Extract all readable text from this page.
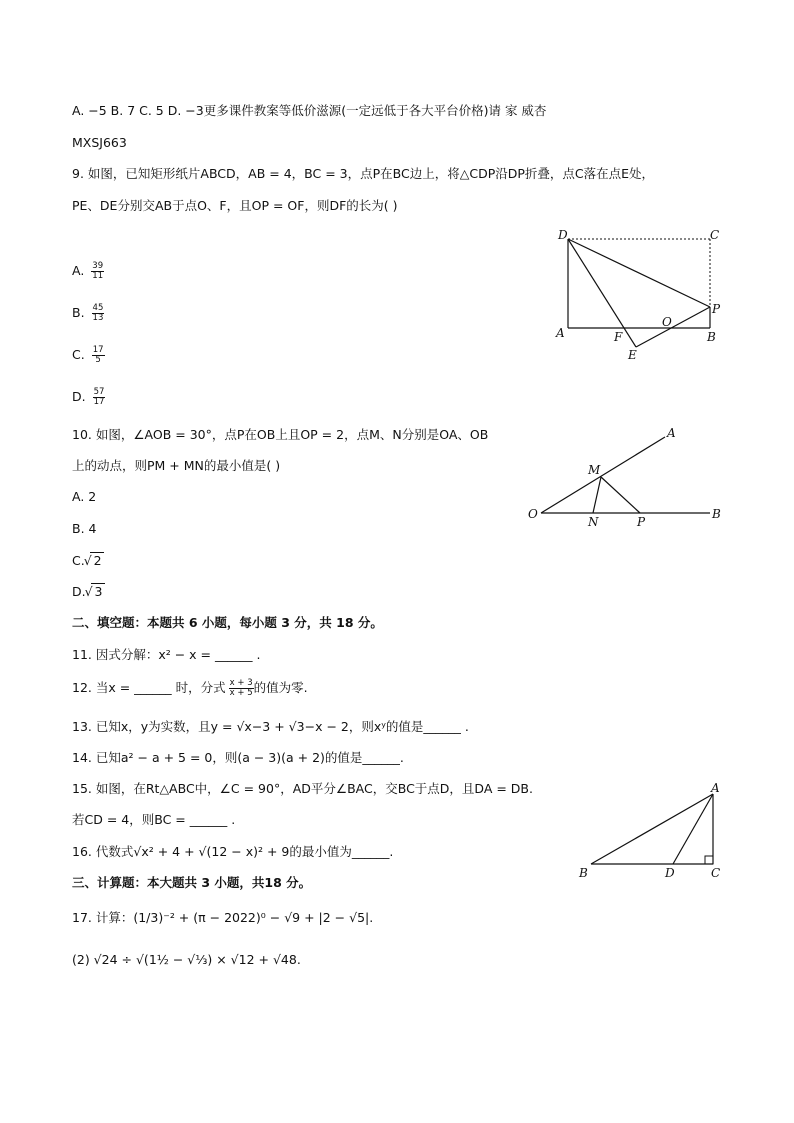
A. −5 B. 7 C. 5 D. −3更多课件教案等低价滋源(一定远低于各大平台价格)请 家 威杏
MXSJ663
9. 如图，已知矩形纸片ABCD，AB = 4，BC = 3，点P在BC边上，将△CDP沿DP折叠，点C落在点E处，
PE、DE分别交AB于点O、F，且OP = OF，则DF的长为( )
A. $\frac{39}{11}$
B. $\frac{45}{13}$
C. $\frac{17}{5}$
D. $\frac{57}{17}$
D	C
P
A	F
O
B
E
10. 如图，∠AOB = 30°，点P在OB上且OP = 2，点M、N分别是OA、OB
上的动点，则PM + MN的最小值是( )
A. 2
B. 4
C. √ 2
D. √ 3
A
M
O
N	P
B
二、填空题：本题共 6 小题，每小题 3 分，共 18 分。
11. 因式分解：x² − x = ______ .
12. 当x = ______ 时，分式 $\frac{x + 3}{x + 5}$ 的值为零.
13. 已知x，y为实数，且y = √x−3 + √3−x − 2，则xʸ的值是______ .
14. 已知a² − a + 5 = 0，则(a − 3)(a + 2)的值是______.
15. 如图，在Rt△ABC中，∠C = 90°，AD平分∠BAC，交BC于点D，且DA = DB.
若CD = 4，则BC = ______ .
16. 代数式√x² + 4 + √(12 − x)² + 9的最小值为______.
A
B	D	C
三、计算题：本大题共 3 小题，共18 分。
17. 计算：(1/3)⁻² + (π − 2022)⁰ − √9 + |2 − √5|.
(2) √24 ÷ √(1½ − √⅓) × √12 + √48.
